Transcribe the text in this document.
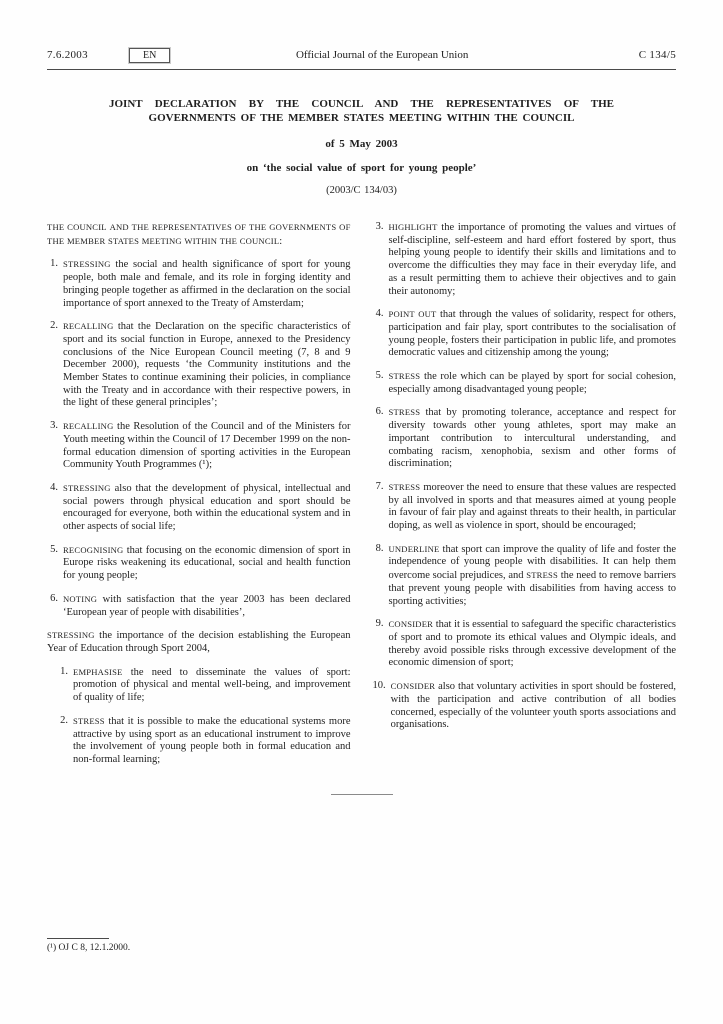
7.6.2003	EN	Official Journal of the European Union	C 134/5
JOINT DECLARATION BY THE COUNCIL AND THE REPRESENTATIVES OF THE GOVERNMENTS OF THE MEMBER STATES MEETING WITHIN THE COUNCIL
of 5 May 2003
on ‘the social value of sport for young people’
(2003/C 134/03)

THE COUNCIL AND THE REPRESENTATIVES OF THE GOVERNMENTS OF THE MEMBER STATES MEETING WITHIN THE COUNCIL:

1. STRESSING the social and health significance of sport for young people, both male and female, and its role in forging identity and bringing people together as affirmed in the declaration on the social importance of sport annexed to the Treaty of Amsterdam;
2. RECALLING that the Declaration on the specific characteristics of sport and its social function in Europe, annexed to the Presidency conclusions of the Nice European Council meeting (7, 8 and 9 December 2000), requests ‘the Community institutions and the Member States to continue examining their policies, in compliance with the Treaty and in accordance with their respective powers, in the light of these general principles’;
3. RECALLING the Resolution of the Council and of the Ministers for Youth meeting within the Council of 17 December 1999 on the non-formal education dimension of sporting activities in the European Community Youth Programmes (¹);
4. STRESSING also that the development of physical, intellectual and social powers through physical education and sport should be encouraged for everyone, both within the educational system and in other aspects of social life;
5. RECOGNISING that focusing on the economic dimension of sport in Europe risks weakening its educational, social and health function for young people;
6. NOTING with satisfaction that the year 2003 has been declared ‘European year of people with disabilities’,

STRESSING the importance of the decision establishing the European Year of Education through Sport 2004,

1. EMPHASISE the need to disseminate the values of sport: promotion of physical and mental well-being, and improvement of quality of life;
2. STRESS that it is possible to make the educational systems more attractive by using sport as an educational instrument to improve the involvement of young people both in formal education and non-formal learning;
3. HIGHLIGHT the importance of promoting the values and virtues of self-discipline, self-esteem and hard effort fostered by sport, thus helping young people to identify their skills and limitations and to overcome the difficulties they may face in their everyday life, and as a result permitting them to achieve their objectives and to gain their autonomy;
4. POINT OUT that through the values of solidarity, respect for others, participation and fair play, sport contributes to the socialisation of young people, fosters their participation in public life, and promotes democratic values and citizenship among the young;
5. STRESS the role which can be played by sport for social cohesion, especially among disadvantaged young people;
6. STRESS that by promoting tolerance, acceptance and respect for diversity towards other young athletes, sport may make an important contribution to intercultural understanding, and combating racism, xenophobia, sexism and other forms of discrimination;
7. STRESS moreover the need to ensure that these values are respected by all involved in sports and that measures aimed at young people in favour of fair play and against threats to their health, in particular doping, as well as violence in sport, should be encouraged;
8. UNDERLINE that sport can improve the quality of life and foster the independence of young people with disabilities. It can help them overcome social prejudices, and STRESS the need to remove barriers that prevent young people with disabilities from having access to sporting activities;
9. CONSIDER that it is essential to safeguard the specific characteristics of sport and to promote its ethical values and Olympic ideals, and thereby avoid possible risks through excessive development of the economic dimension of sport;
10. CONSIDER also that voluntary activities in sport should be fostered, with the participation and active contribution of all bodies concerned, especially of the volunteer youth sports associations and organisations.
(¹) OJ C 8, 12.1.2000.
